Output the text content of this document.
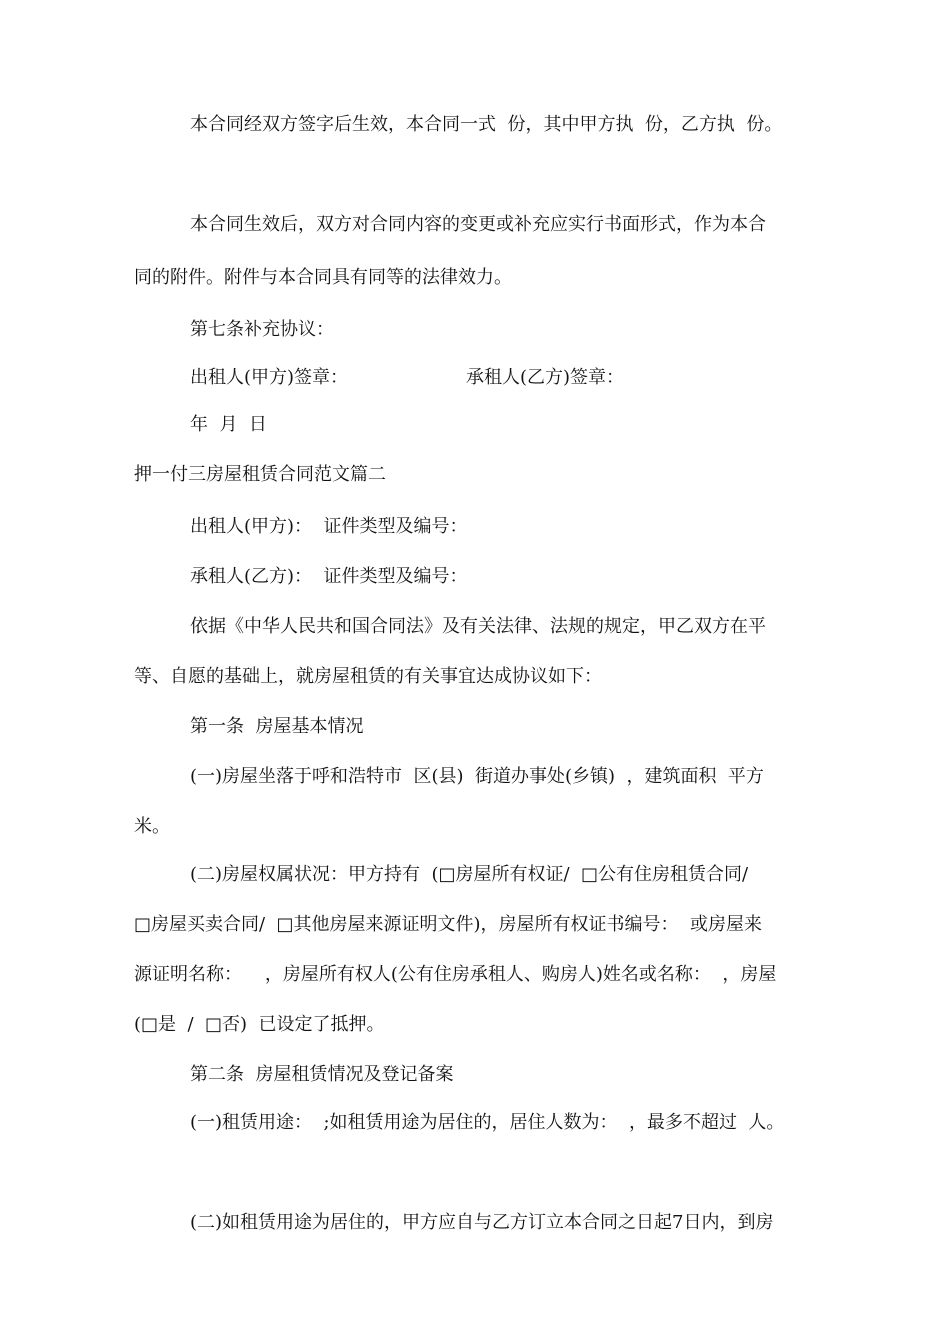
本合同经双方签字后生效，本合同一式  份，其中甲方执  份，乙方执  份。

本合同生效后，双方对合同内容的变更或补充应实行书面形式，作为本合

同的附件。附件与本合同具有同等的法律效力。

第七条补充协议：

出租人(甲方)签章：	承租人(乙方)签章：

年  月  日

押一付三房屋租赁合同范文篇二

出租人(甲方)：  证件类型及编号：

承租人(乙方)：  证件类型及编号：

依据《中华人民共和国合同法》及有关法律、法规的规定，甲乙双方在平

等、自愿的基础上，就房屋租赁的有关事宜达成协议如下：

第一条  房屋基本情况

(一)房屋坐落于呼和浩特市  区(县)  街道办事处(乡镇)  ，建筑面积  平方

米。

(二)房屋权属状况：甲方持有  (□房屋所有权证/  □公有住房租赁合同/

□房屋买卖合同/  □其他房屋来源证明文件)，房屋所有权证书编号：  或房屋来

源证明名称：    ，房屋所有权人(公有住房承租人、购房人)姓名或名称：  ，房屋

(□是  /  □否)  已设定了抵押。

第二条  房屋租赁情况及登记备案

(一)租赁用途：  ;如租赁用途为居住的，居住人数为：  ，最多不超过  人。

(二)如租赁用途为居住的，甲方应自与乙方订立本合同之日起7日内，到房
